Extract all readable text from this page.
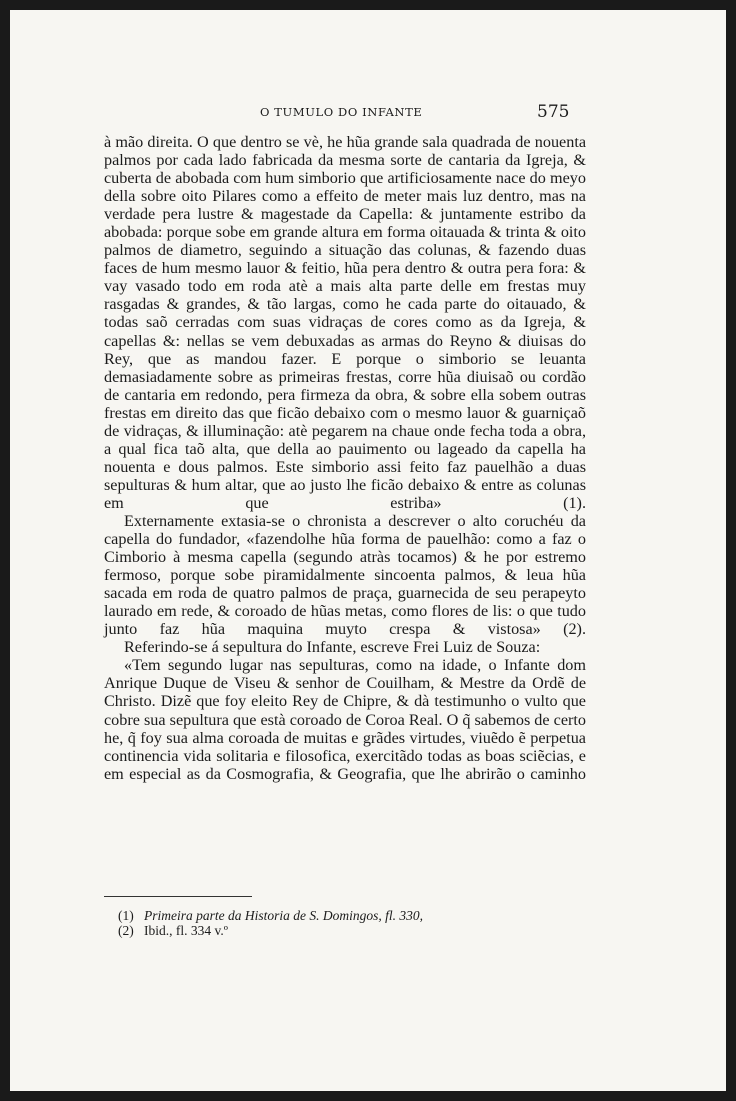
O TUMULO DO INFANTE	575

à mão direita. O que dentro se vè, he hũa grande sala quadrada de nouenta palmos por cada lado fabricada da mesma sorte de cantaria da Igreja, & cuberta de abobada com hum simborio que artificiosamente nace do meyo della sobre oito Pilares como a effeito de meter mais luz dentro, mas na verdade pera lustre & magestade da Capella: & juntamente estribo da abobada: porque sobe em grande altura em forma oitauada & trinta & oito palmos de diametro, seguindo a situação das colunas, & fazendo duas faces de hum mesmo lauor & feitio, hũa pera dentro & outra pera fora: & vay vasado todo em roda atè a mais alta parte delle em frestas muy rasgadas & grandes, & tão largas, como he cada parte do oitauado, & todas saõ cerradas com suas vidraças de cores como as da Igreja, & capellas &: nellas se vem debuxadas as armas do Reyno & diuisas do Rey, que as mandou fazer. E porque o simborio se leuanta demasiadamente sobre as primeiras frestas, corre hũa diuisaõ ou cordão de cantaria em redondo, pera firmeza da obra, & sobre ella sobem outras frestas em direito das que ficão debaixo com o mesmo lauor & guarniçaõ de vidraças, & illuminação: atè pegarem na chaue onde fecha toda a obra, a qual fica taõ alta, que della ao pauimento ou lageado da capella ha nouenta e dous palmos. Este simborio assi feito faz pauelhão a duas sepulturas & hum altar, que ao justo lhe ficão debaixo & entre as colunas em que estriba» (1).

Externamente extasia-se o chronista a descrever o alto coruchéu da capella do fundador, «fazendolhe hũa forma de pauelhão: como a faz o Cimborio à mesma capella (segundo atràs tocamos) & he por estremo fermoso, porque sobe piramidalmente sincoenta palmos, & leua hũa sacada em roda de quatro palmos de praça, guarnecida de seu perapeyto laurado em rede, & coroado de hũas metas, como flores de lis: o que tudo junto faz hũa maquina muyto crespa & vistosa» (2).

Referindo-se á sepultura do Infante, escreve Frei Luiz de Souza:

«Tem segundo lugar nas sepulturas, como na idade, o Infante dom Anrique Duque de Viseu & senhor de Couilham, & Mestre da Ordẽ de Christo. Dizẽ que foy eleito Rey de Chipre, & dà testimunho o vulto que cobre sua sepultura que està coroado de Coroa Real. O q̃ sabemos de certo he, q̃ foy sua alma coroada de muitas e grãdes virtudes, viuẽdo ẽ perpetua continencia vida solitaria e filosofica, exercitãdo todas as boas sciẽcias, e em especial as da Cosmografia, & Geografia, que lhe abrirão o caminho

(1) Primeira parte da Historia de S. Domingos, fl. 330,

(2) Ibid., fl. 334 v.º
